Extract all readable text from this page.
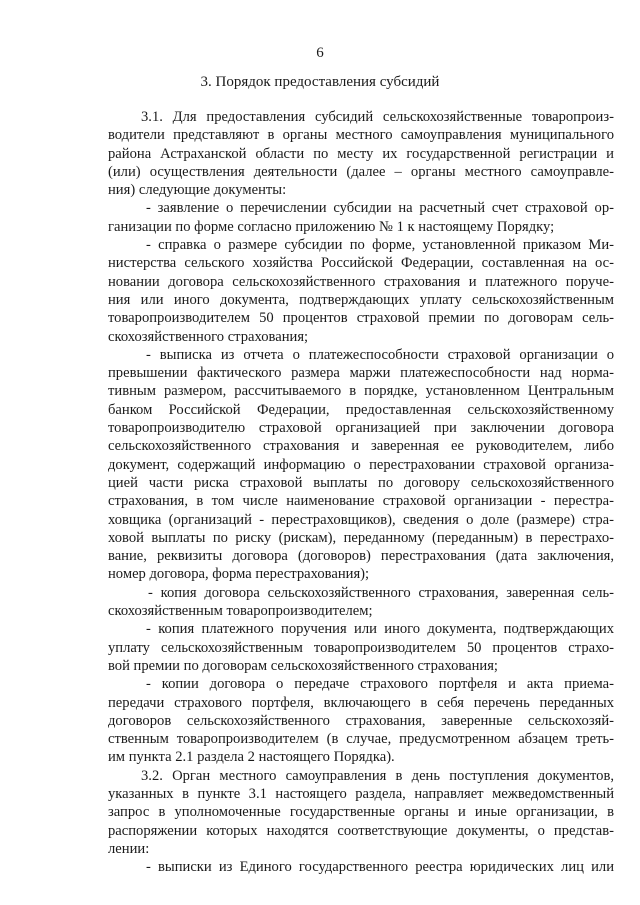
6
3. Порядок предоставления субсидий
3.1. Для предоставления субсидий сельскохозяйственные товаропроиз-
водители представляют в органы местного самоуправления муниципального
района Астраханской области по месту их государственной регистрации и
(или) осуществления деятельности (далее – органы местного самоуправле-
ния) следующие документы:
- заявление о перечислении субсидии на расчетный счет страховой ор-
ганизации по форме согласно приложению № 1 к настоящему Порядку;
- справка о размере субсидии по форме, установленной приказом Ми-
нистерства сельского хозяйства Российской Федерации, составленная на ос-
новании договора сельскохозяйственного страхования и платежного поруче-
ния или иного документа, подтверждающих уплату сельскохозяйственным
товаропроизводителем 50 процентов страховой премии по договорам сель-
скохозяйственного страхования;
- выписка из отчета о платежеспособности страховой организации о
превышении фактического размера маржи платежеспособности над норма-
тивным размером, рассчитываемого в порядке, установленном Центральным
банком Российской Федерации, предоставленная сельскохозяйственному
товаропроизводителю страховой организацией при заключении договора
сельскохозяйственного страхования и заверенная ее руководителем, либо
документ, содержащий информацию о перестраховании страховой организа-
цией части риска страховой выплаты по договору сельскохозяйственного
страхования, в том числе наименование страховой организации - перестра-
ховщика (организаций - перестраховщиков), сведения о доле (размере) стра-
ховой выплаты по риску (рискам), переданному (переданным) в перестрахо-
вание, реквизиты договора (договоров) перестрахования (дата заключения,
номер договора, форма перестрахования);
- копия договора сельскохозяйственного страхования, заверенная сель-
скохозяйственным товаропроизводителем;
- копия платежного поручения или иного документа, подтверждающих
уплату сельскохозяйственным товаропроизводителем 50 процентов страхо-
вой премии по договорам сельскохозяйственного страхования;
- копии договора о передаче страхового портфеля и акта приема-
передачи страхового портфеля, включающего в себя перечень переданных
договоров сельскохозяйственного страхования, заверенные сельскохозяй-
ственным товаропроизводителем (в случае, предусмотренном абзацем треть-
им пункта 2.1 раздела 2 настоящего Порядка).
3.2. Орган местного самоуправления в день поступления документов,
указанных в пункте 3.1 настоящего раздела, направляет межведомственный
запрос в уполномоченные государственные органы и иные организации, в
распоряжении которых находятся соответствующие документы, о представ-
лении:
- выписки из Единого государственного реестра юридических лиц или
